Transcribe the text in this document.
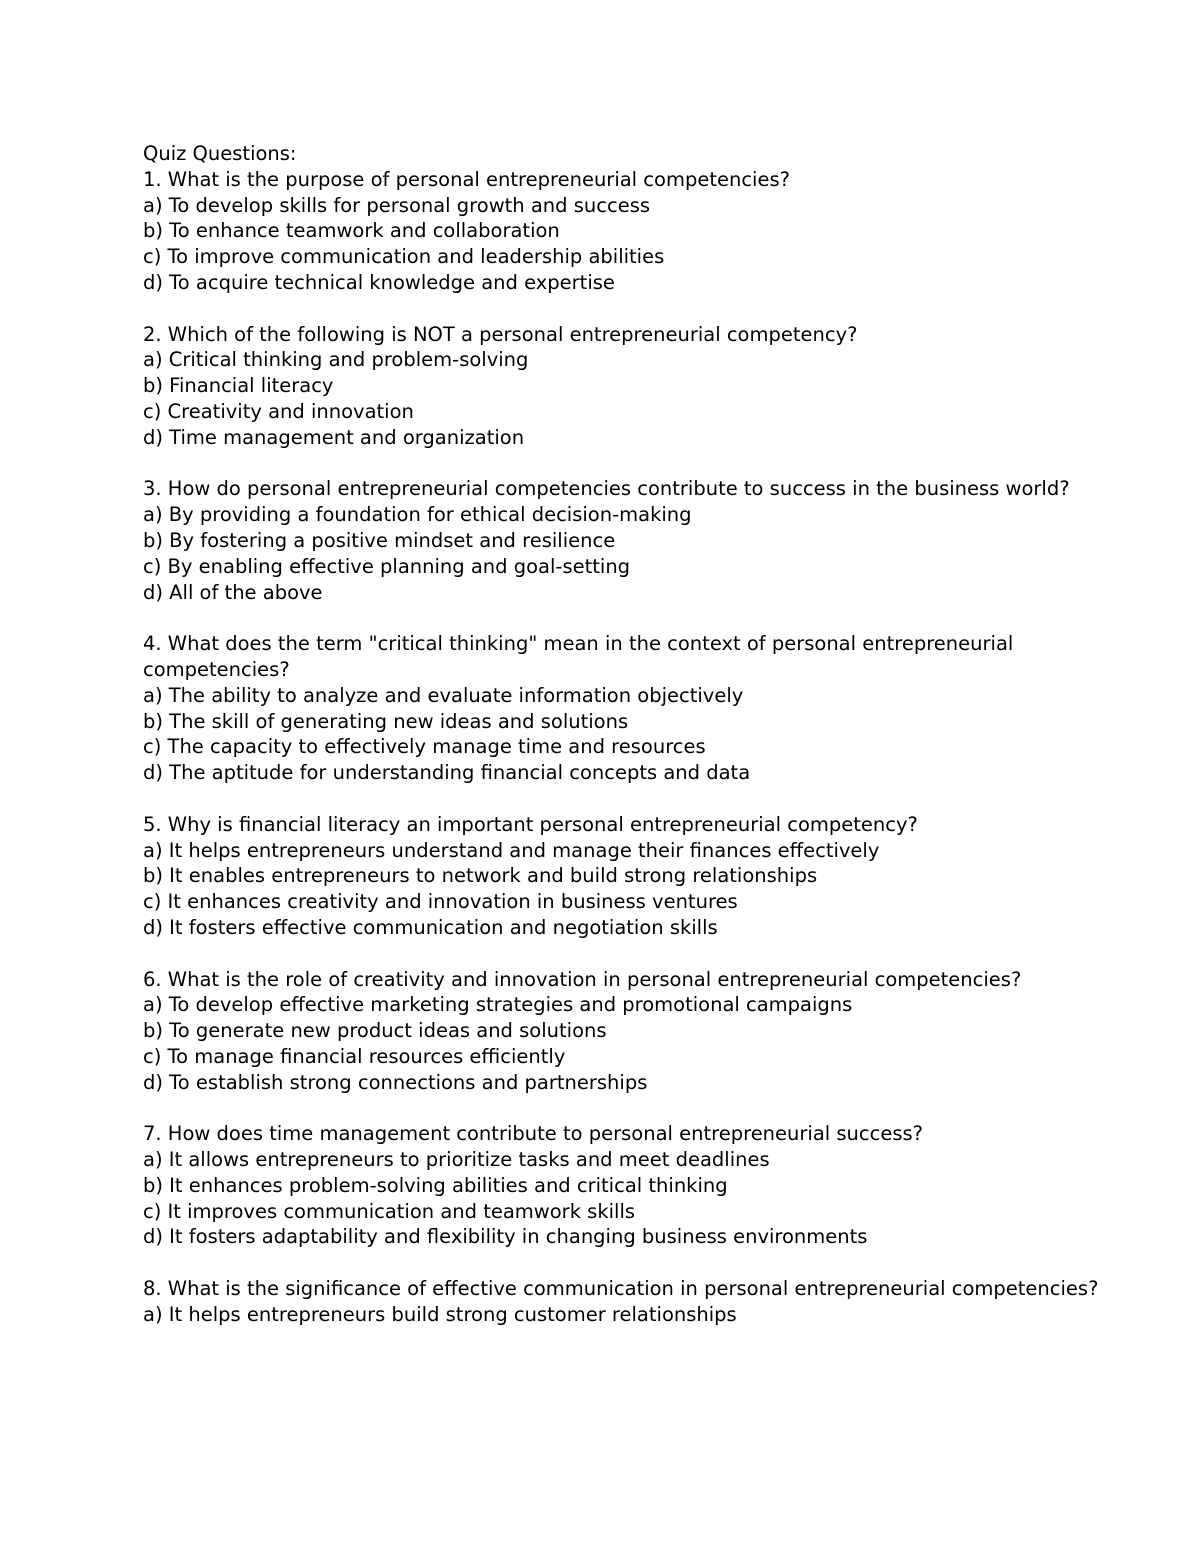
Quiz Questions:

1. What is the purpose of personal entrepreneurial competencies?

a) To develop skills for personal growth and success
b) To enhance teamwork and collaboration
c) To improve communication and leadership abilities
d) To acquire technical knowledge and expertise

2. Which of the following is NOT a personal entrepreneurial competency?

a) Critical thinking and problem-solving
b) Financial literacy
c) Creativity and innovation
d) Time management and organization

3. How do personal entrepreneurial competencies contribute to success in the business world?

a) By providing a foundation for ethical decision-making
b) By fostering a positive mindset and resilience
c) By enabling effective planning and goal-setting
d) All of the above

4. What does the term "critical thinking" mean in the context of personal entrepreneurial competencies?

a) The ability to analyze and evaluate information objectively
b) The skill of generating new ideas and solutions
c) The capacity to effectively manage time and resources
d) The aptitude for understanding financial concepts and data

5. Why is financial literacy an important personal entrepreneurial competency?

a) It helps entrepreneurs understand and manage their finances effectively
b) It enables entrepreneurs to network and build strong relationships
c) It enhances creativity and innovation in business ventures
d) It fosters effective communication and negotiation skills

6. What is the role of creativity and innovation in personal entrepreneurial competencies?

a) To develop effective marketing strategies and promotional campaigns
b) To generate new product ideas and solutions
c) To manage financial resources efficiently
d) To establish strong connections and partnerships

7. How does time management contribute to personal entrepreneurial success?

a) It allows entrepreneurs to prioritize tasks and meet deadlines
b) It enhances problem-solving abilities and critical thinking
c) It improves communication and teamwork skills
d) It fosters adaptability and flexibility in changing business environments

8. What is the significance of effective communication in personal entrepreneurial competencies?

a) It helps entrepreneurs build strong customer relationships
